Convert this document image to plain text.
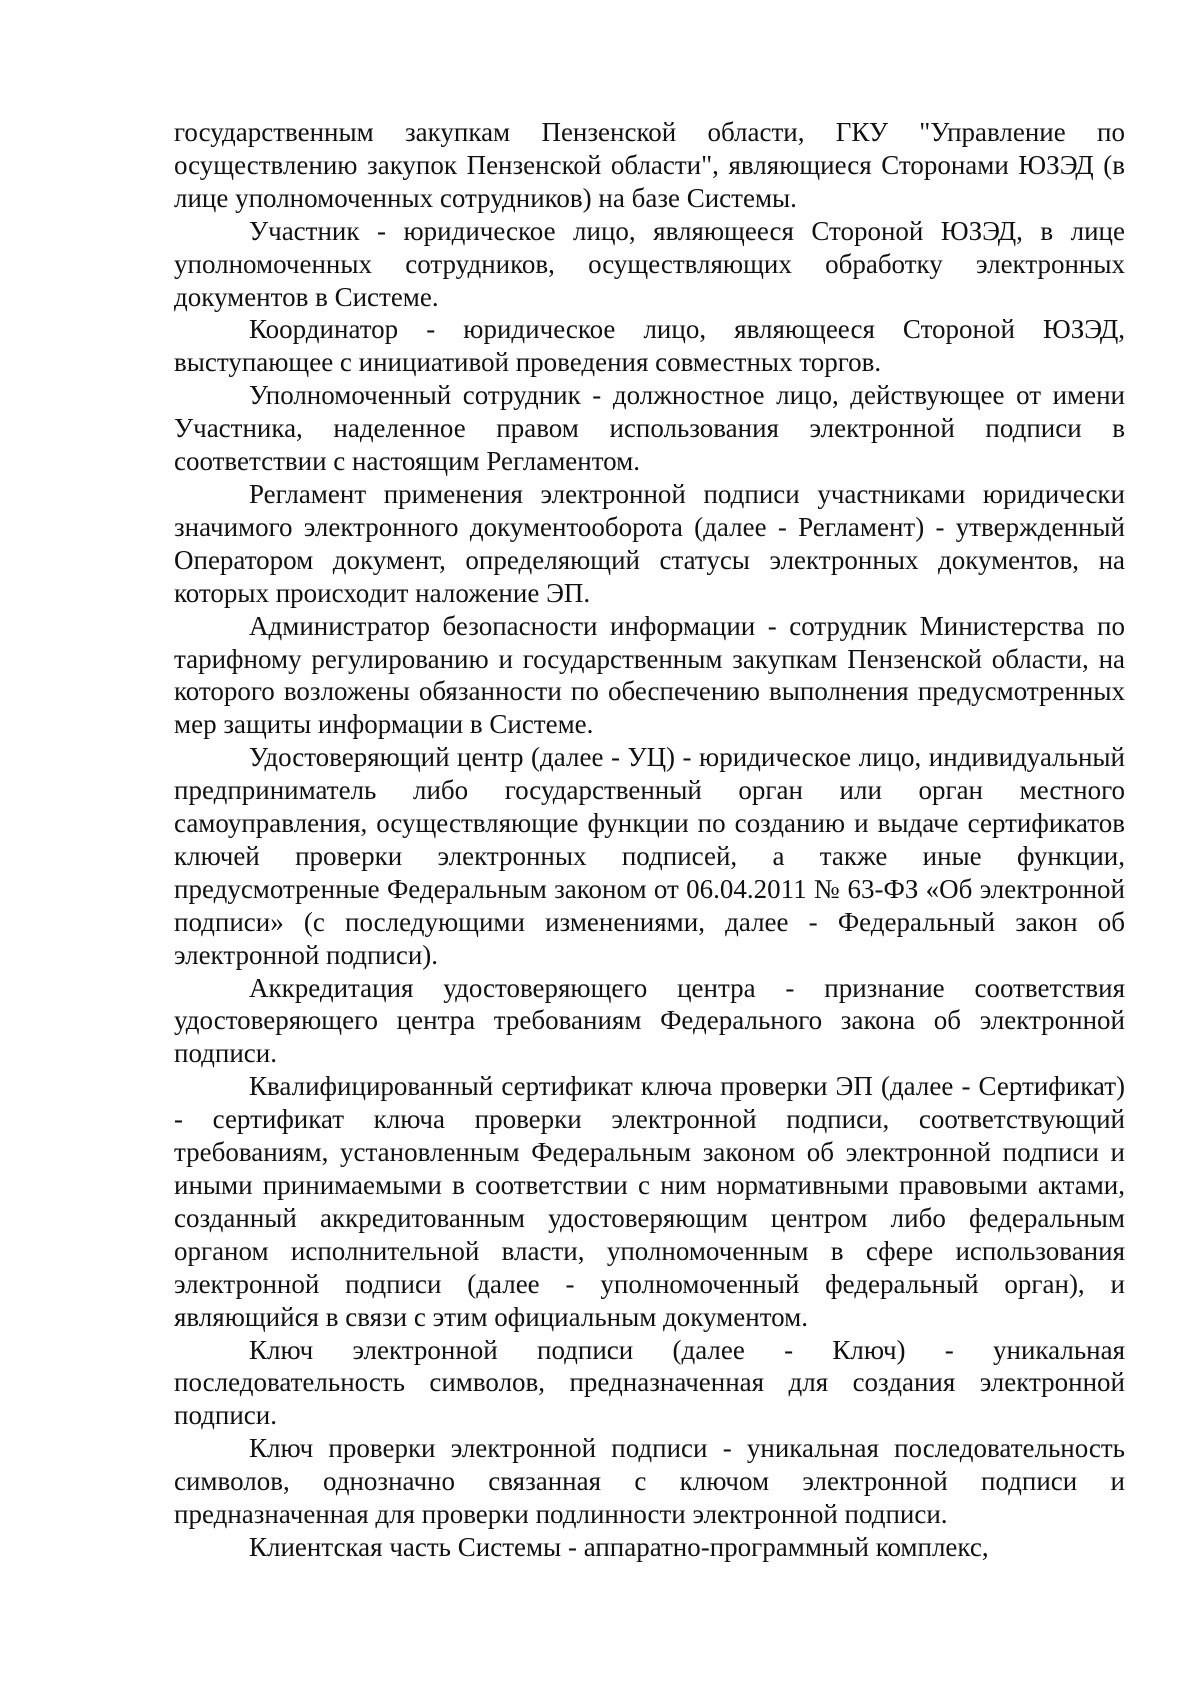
государственным закупкам Пензенской области, ГКУ "Управление по осуществлению закупок Пензенской области", являющиеся Сторонами ЮЗЭД (в лице уполномоченных сотрудников) на базе Системы.

Участник - юридическое лицо, являющееся Стороной ЮЗЭД, в лице уполномоченных сотрудников, осуществляющих обработку электронных документов в Системе.

Координатор - юридическое лицо, являющееся Стороной ЮЗЭД, выступающее с инициативой проведения совместных торгов.

Уполномоченный сотрудник - должностное лицо, действующее от имени Участника, наделенное правом использования электронной подписи в соответствии с настоящим Регламентом.

Регламент применения электронной подписи участниками юридически значимого электронного документооборота (далее - Регламент) - утвержденный Оператором документ, определяющий статусы электронных документов, на которых происходит наложение ЭП.

Администратор безопасности информации - сотрудник Министерства по тарифному регулированию и государственным закупкам Пензенской области, на которого возложены обязанности по обеспечению выполнения предусмотренных мер защиты информации в Системе.

Удостоверяющий центр (далее - УЦ) - юридическое лицо, индивидуальный предприниматель либо государственный орган или орган местного самоуправления, осуществляющие функции по созданию и выдаче сертификатов ключей проверки электронных подписей, а также иные функции, предусмотренные Федеральным законом от 06.04.2011 № 63-ФЗ «Об электронной подписи» (с последующими изменениями, далее - Федеральный закон об электронной подписи).

Аккредитация удостоверяющего центра - признание соответствия удостоверяющего центра требованиям Федерального закона об электронной подписи.

Квалифицированный сертификат ключа проверки ЭП (далее - Сертификат) - сертификат ключа проверки электронной подписи, соответствующий требованиям, установленным Федеральным законом об электронной подписи и иными принимаемыми в соответствии с ним нормативными правовыми актами, созданный аккредитованным удостоверяющим центром либо федеральным органом исполнительной власти, уполномоченным в сфере использования электронной подписи (далее - уполномоченный федеральный орган), и являющийся в связи с этим официальным документом.

Ключ электронной подписи (далее - Ключ) - уникальная последовательность символов, предназначенная для создания электронной подписи.

Ключ проверки электронной подписи - уникальная последовательность символов, однозначно связанная с ключом электронной подписи и предназначенная для проверки подлинности электронной подписи.

Клиентская часть Системы - аппаратно-программный комплекс,
